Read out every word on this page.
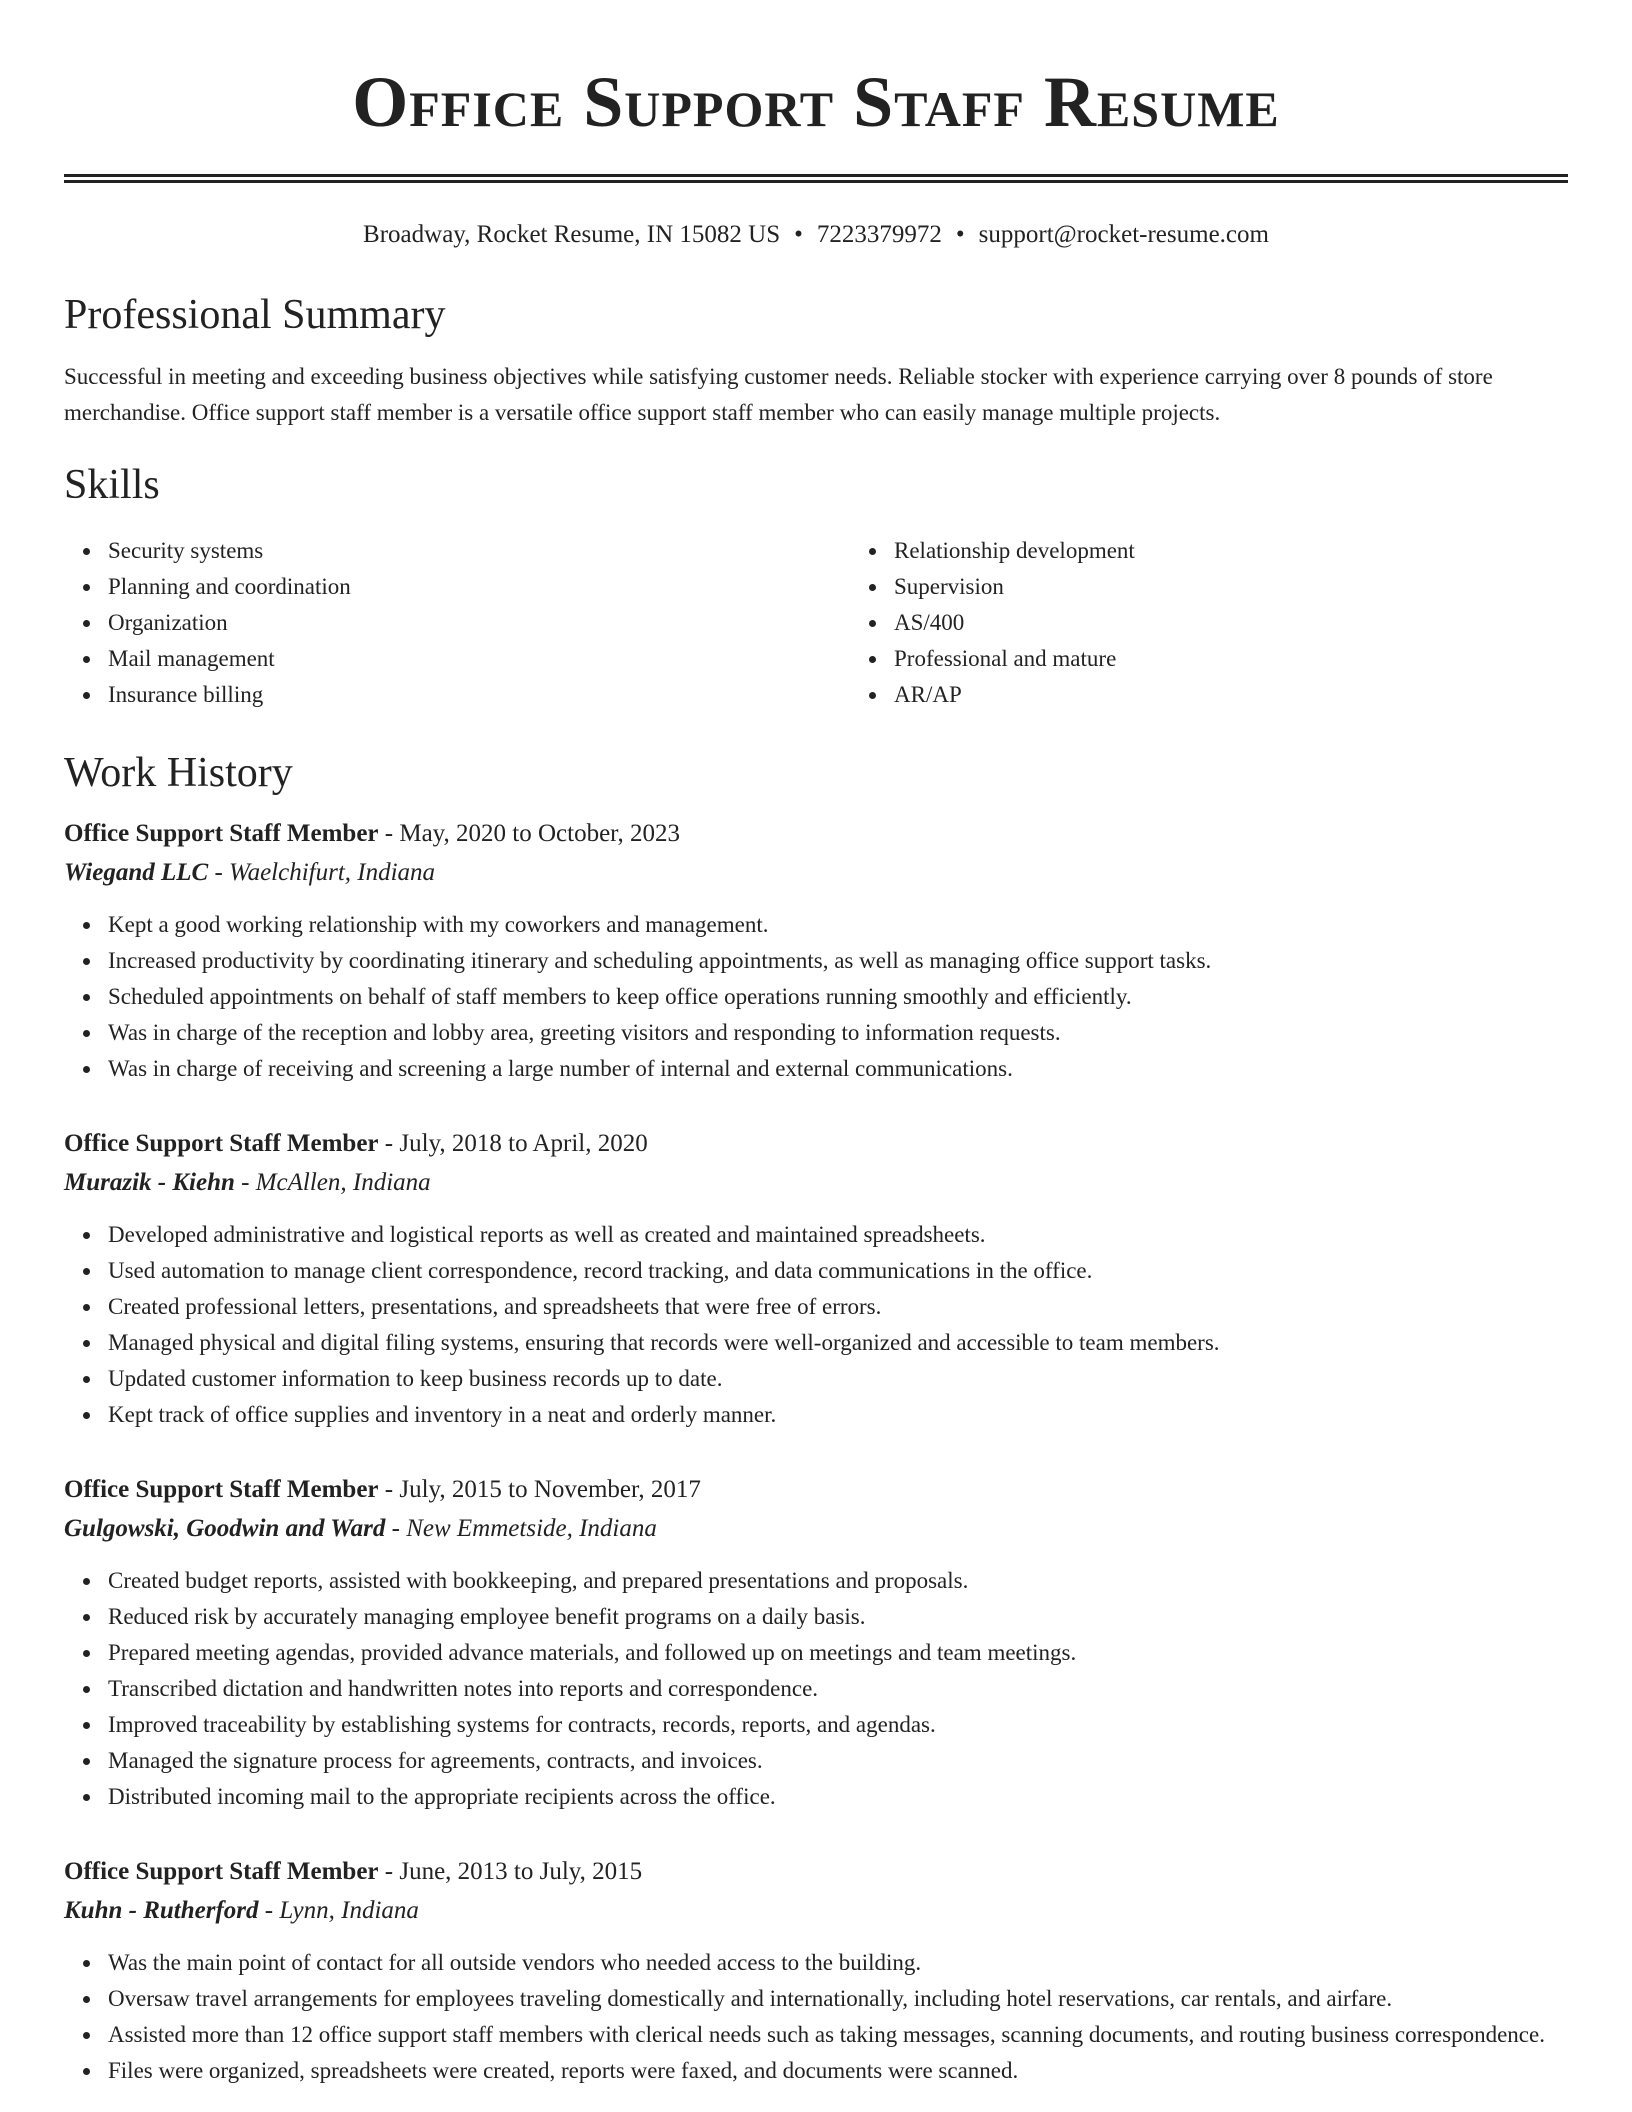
Office Support Staff Resume
Broadway, Rocket Resume, IN 15082 US • 7223379972 • support@rocket-resume.com
Professional Summary

Successful in meeting and exceeding business objectives while satisfying customer needs. Reliable stocker with experience carrying over 8 pounds of store merchandise. Office support staff member is a versatile office support staff member who can easily manage multiple projects.

Skills
Security systems
Planning and coordination
Organization
Mail management
Insurance billing
Relationship development
Supervision
AS/400
Professional and mature
AR/AP
Work History
Office Support Staff Member - May, 2020 to October, 2023
Wiegand LLC - Waelchifurt, Indiana
Kept a good working relationship with my coworkers and management.
Increased productivity by coordinating itinerary and scheduling appointments, as well as managing office support tasks.
Scheduled appointments on behalf of staff members to keep office operations running smoothly and efficiently.
Was in charge of the reception and lobby area, greeting visitors and responding to information requests.
Was in charge of receiving and screening a large number of internal and external communications.
Office Support Staff Member - July, 2018 to April, 2020
Murazik - Kiehn - McAllen, Indiana
Developed administrative and logistical reports as well as created and maintained spreadsheets.
Used automation to manage client correspondence, record tracking, and data communications in the office.
Created professional letters, presentations, and spreadsheets that were free of errors.
Managed physical and digital filing systems, ensuring that records were well-organized and accessible to team members.
Updated customer information to keep business records up to date.
Kept track of office supplies and inventory in a neat and orderly manner.
Office Support Staff Member - July, 2015 to November, 2017
Gulgowski, Goodwin and Ward - New Emmetside, Indiana
Created budget reports, assisted with bookkeeping, and prepared presentations and proposals.
Reduced risk by accurately managing employee benefit programs on a daily basis.
Prepared meeting agendas, provided advance materials, and followed up on meetings and team meetings.
Transcribed dictation and handwritten notes into reports and correspondence.
Improved traceability by establishing systems for contracts, records, reports, and agendas.
Managed the signature process for agreements, contracts, and invoices.
Distributed incoming mail to the appropriate recipients across the office.
Office Support Staff Member - June, 2013 to July, 2015
Kuhn - Rutherford - Lynn, Indiana
Was the main point of contact for all outside vendors who needed access to the building.
Oversaw travel arrangements for employees traveling domestically and internationally, including hotel reservations, car rentals, and airfare.
Assisted more than 12 office support staff members with clerical needs such as taking messages, scanning documents, and routing business correspondence.
Files were organized, spreadsheets were created, reports were faxed, and documents were scanned.
